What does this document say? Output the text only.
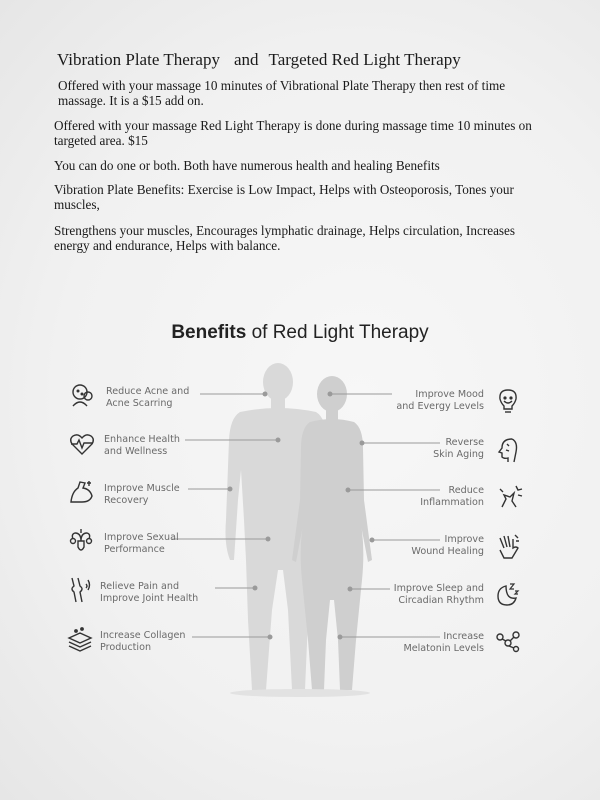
Vibration Plate Therapy and Targeted Red Light Therapy
Offered with your massage 10 minutes of Vibrational Plate Therapy then rest of time massage. It is a $15 add on.
Offered with your massage Red Light Therapy is done during massage time 10 minutes on targeted area. $15
You can do one or both. Both have numerous health and healing Benefits
Vibration Plate Benefits: Exercise is Low Impact, Helps with Osteoporosis, Tones your muscles,
Strengthens your muscles, Encourages lymphatic drainage, Helps circulation, Increases energy and endurance, Helps with balance.
Benefits of Red Light Therapy
Reduce Acne and
Acne Scarring
Enhance Health
and Wellness
Improve Muscle
Recovery
Improve Sexual
Performance
Relieve Pain and
Improve Joint Health
Increase Collagen
Production
Improve Mood
and Evergy Levels
Reverse
Skin Aging
Reduce
Inflammation
Improve
Wound Healing
Improve Sleep and
Circadian Rhythm
Increase
Melatonin Levels
